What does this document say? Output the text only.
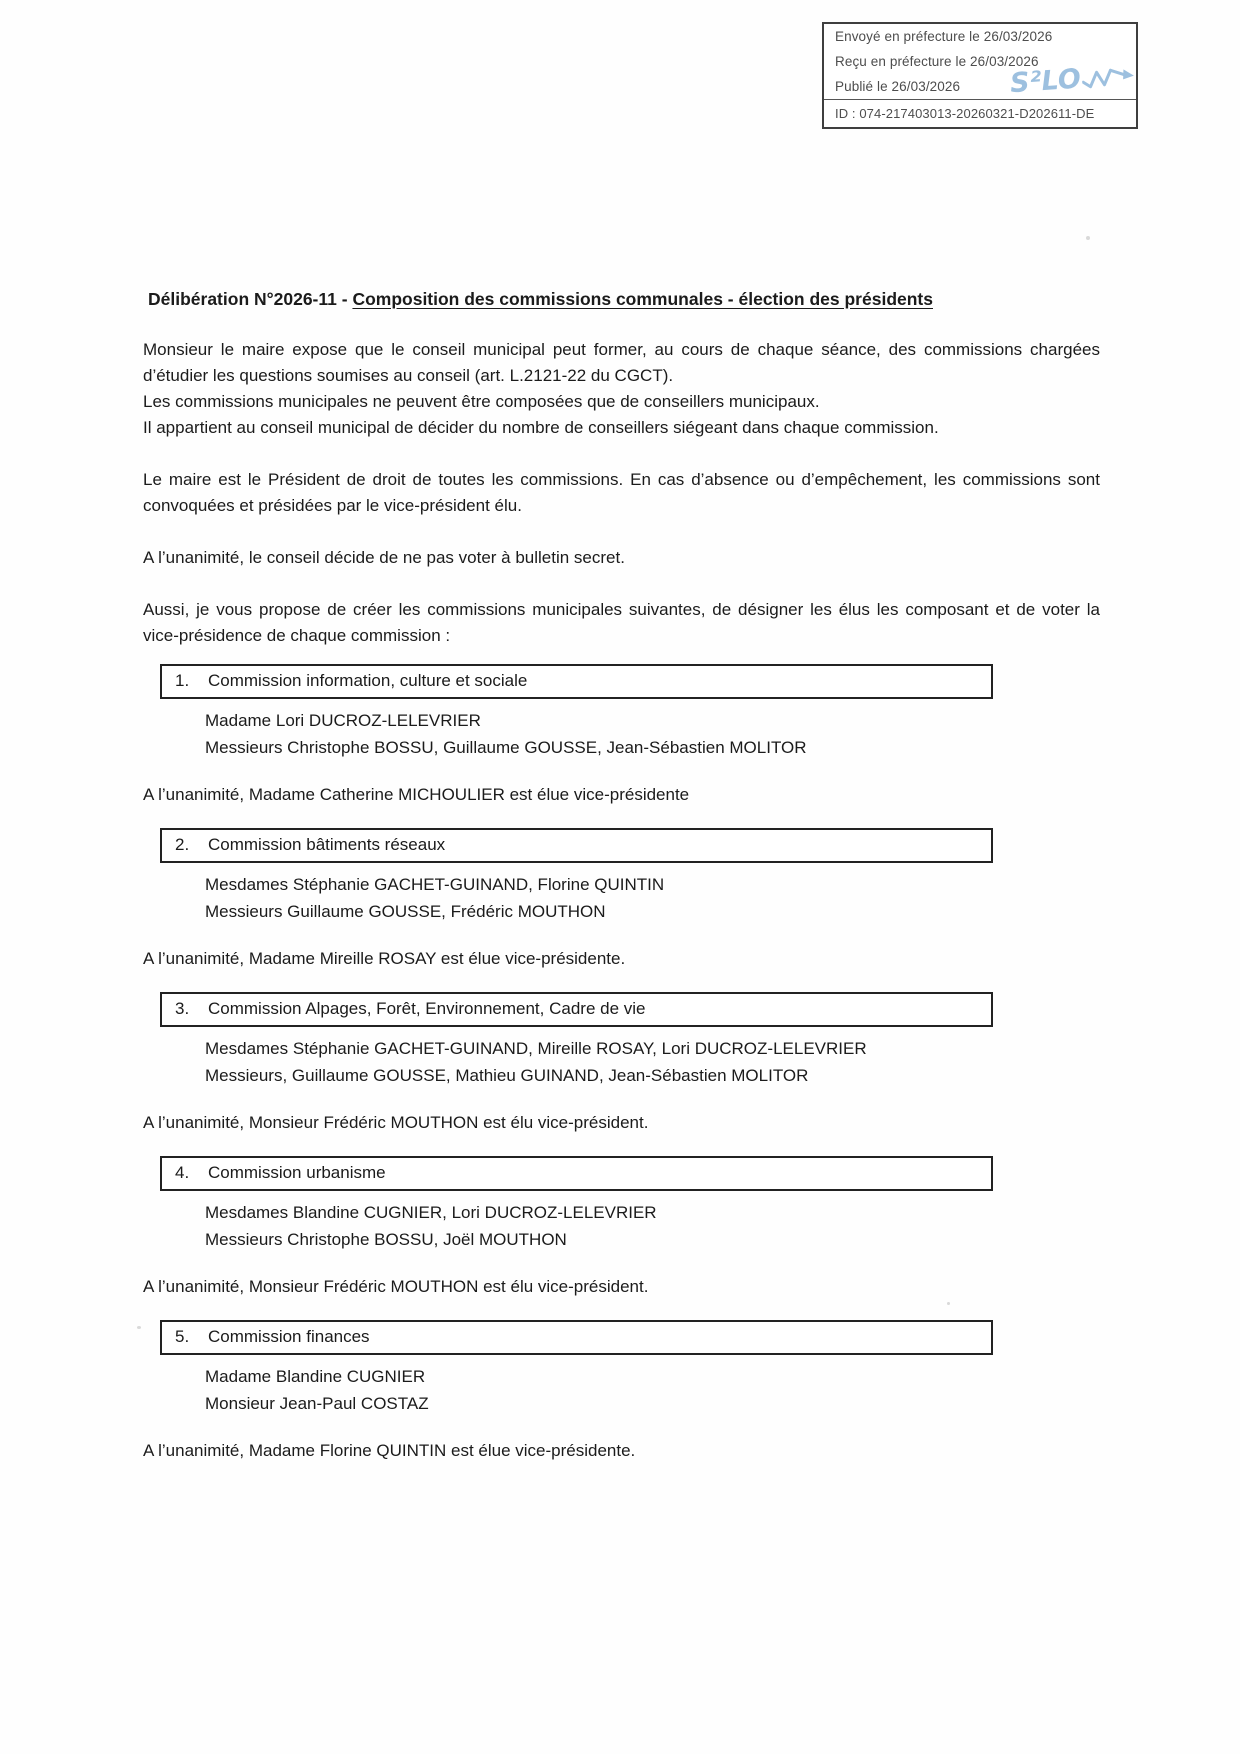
Envoyé en préfecture le 26/03/2026
Reçu en préfecture le 26/03/2026
Publié le 26/03/2026
ID : 074-217403013-20260321-D202611-DE
S²LO
Délibération N°2026-11 - Composition des commissions communales - élection des présidents

Monsieur le maire expose que le conseil municipal peut former, au cours de chaque séance, des commissions chargées d’étudier les questions soumises au conseil (art. L.2121-22 du CGCT).

Les commissions municipales ne peuvent être composées que de conseillers municipaux.

Il appartient au conseil municipal de décider du nombre de conseillers siégeant dans chaque commission.

Le maire est le Président de droit de toutes les commissions. En cas d’absence ou d’empêchement, les commissions sont convoquées et présidées par le vice-président élu.

A l’unanimité, le conseil décide de ne pas voter à bulletin secret.

Aussi, je vous propose de créer les commissions municipales suivantes, de désigner les élus les composant et de voter la vice-présidence de chaque commission :

1.	Commission information, culture et sociale
Madame Lori DUCROZ-LELEVRIER
Messieurs Christophe BOSSU, Guillaume GOUSSE, Jean-Sébastien MOLITOR

A l’unanimité, Madame Catherine MICHOULIER est élue vice-présidente

2.	Commission bâtiments réseaux
Mesdames Stéphanie GACHET-GUINAND, Florine QUINTIN
Messieurs Guillaume GOUSSE, Frédéric MOUTHON

A l’unanimité, Madame Mireille ROSAY est élue vice-présidente.

3.	Commission Alpages, Forêt, Environnement, Cadre de vie
Mesdames Stéphanie GACHET-GUINAND, Mireille ROSAY, Lori DUCROZ-LELEVRIER
Messieurs, Guillaume GOUSSE, Mathieu GUINAND, Jean-Sébastien MOLITOR

A l’unanimité, Monsieur Frédéric MOUTHON est élu vice-président.

4.	Commission urbanisme
Mesdames Blandine CUGNIER, Lori DUCROZ-LELEVRIER
Messieurs Christophe BOSSU, Joël MOUTHON

A l’unanimité, Monsieur Frédéric MOUTHON est élu vice-président.

5.	Commission finances
Madame Blandine CUGNIER
Monsieur Jean-Paul COSTAZ

A l’unanimité, Madame Florine QUINTIN est élue vice-présidente.
